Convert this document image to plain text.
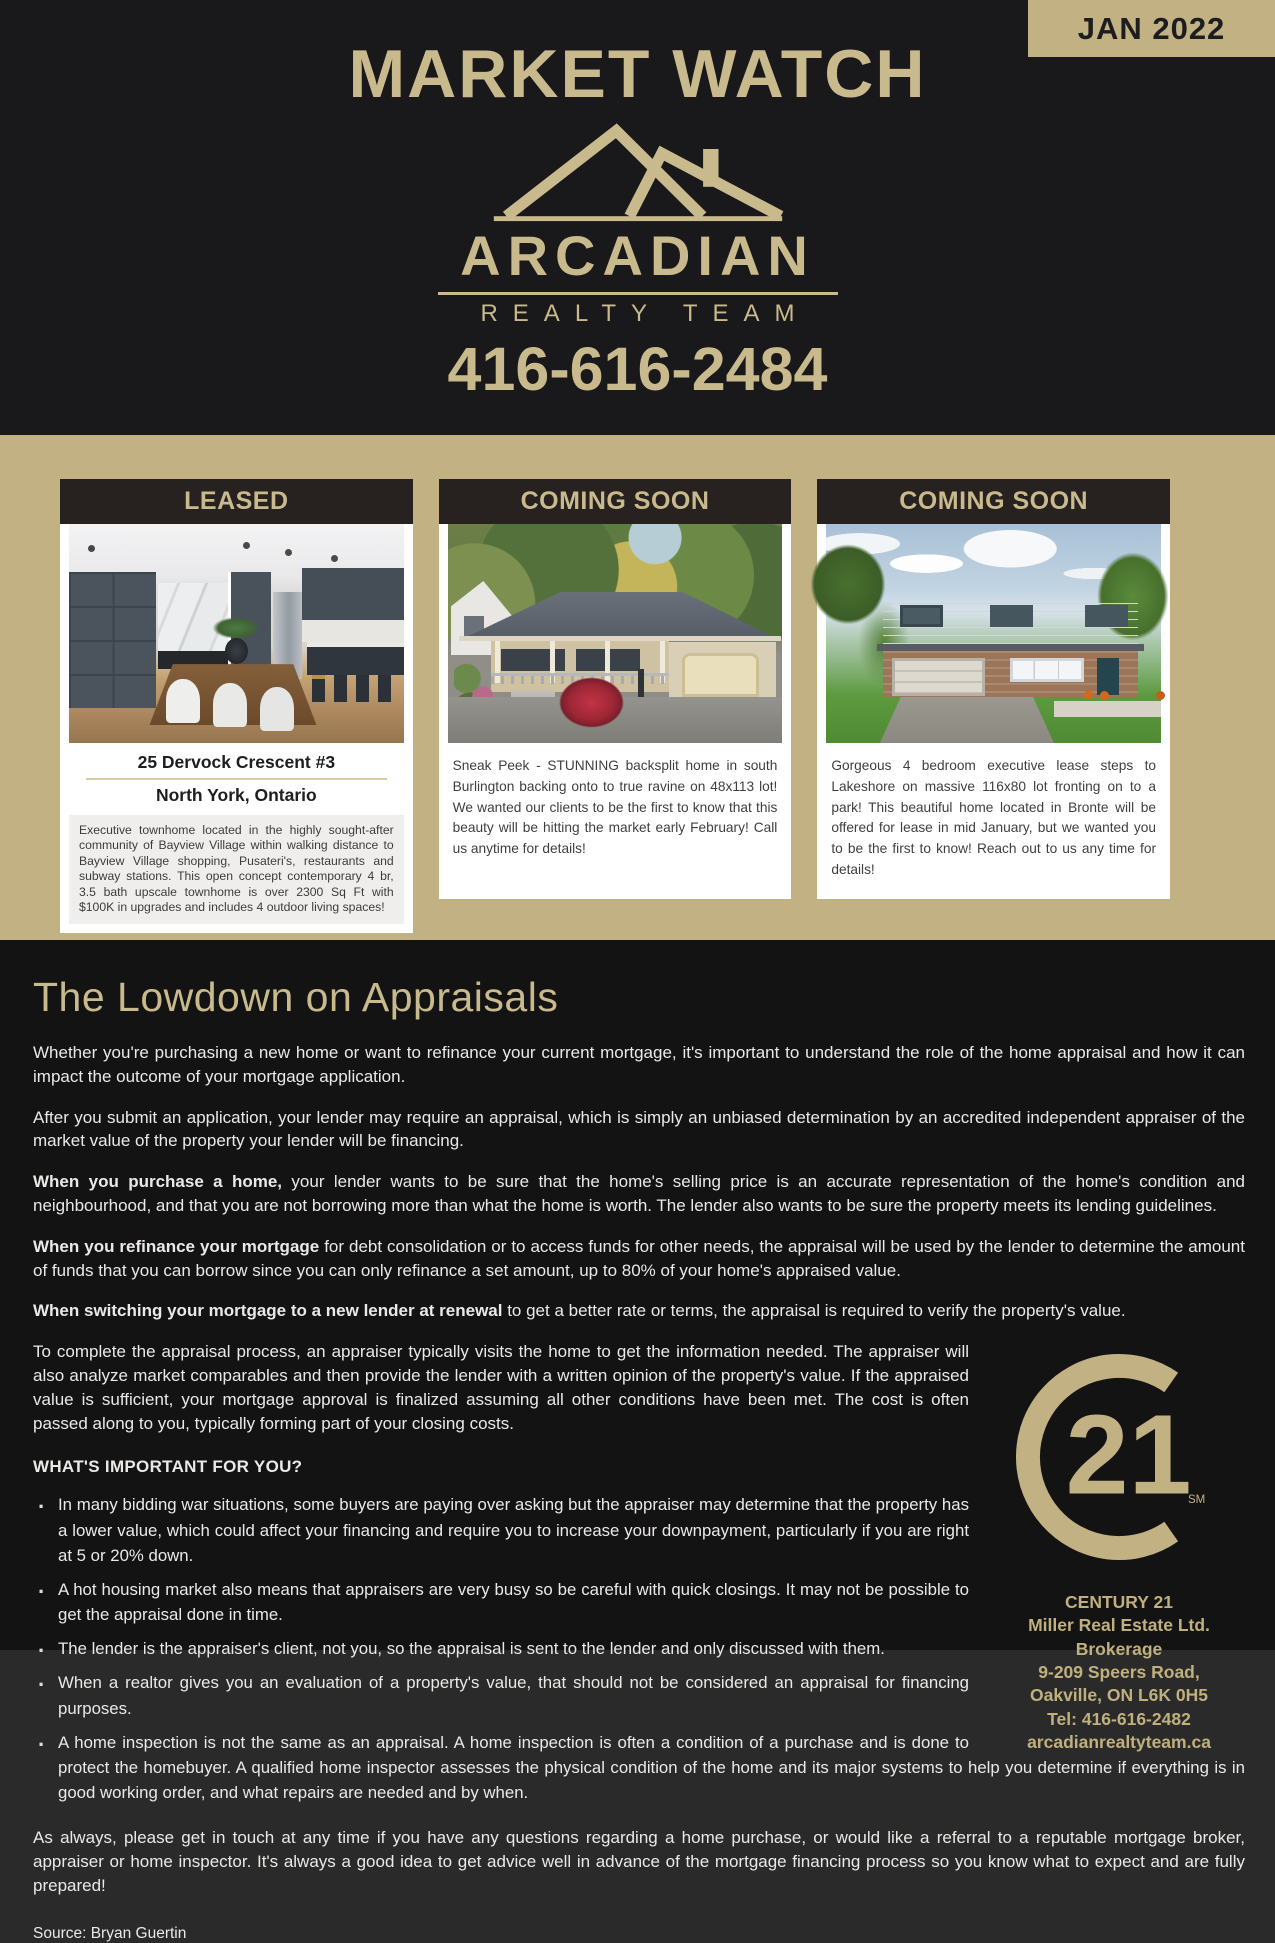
JAN 2022
MARKET WATCH
ARCADIAN
REALTY TEAM
416-616-2484
LEASED
25 Dervock Crescent #3
North York, Ontario
Executive townhome located in the highly sought-after community of Bayview Village within walking distance to Bayview Village shopping, Pusateri's, restaurants and subway stations. This open concept contemporary 4 br, 3.5 bath upscale townhome is over 2300 Sq Ft with $100K in upgrades and includes 4 outdoor living spaces!
COMING SOON
Sneak Peek - STUNNING backsplit home in south Burlington backing onto to true ravine on 48x113 lot! We wanted our clients to be the first to know that this beauty will be hitting the market early February! Call us anytime for details!
COMING SOON
Gorgeous 4 bedroom executive lease steps to Lakeshore on massive 116x80 lot fronting on to a park! This beautiful home located in Bronte will be offered for lease in mid January, but we wanted you to be the first to know! Reach out to us any time for details!
The Lowdown on Appraisals

Whether you're purchasing a new home or want to refinance your current mortgage, it's important to understand the role of the home appraisal and how it can impact the outcome of your mortgage application.

After you submit an application, your lender may require an appraisal, which is simply an unbiased determination by an accredited independent appraiser of the market value of the property your lender will be financing.

When you purchase a home, your lender wants to be sure that the home's selling price is an accurate representation of the home's condition and neighbourhood, and that you are not borrowing more than what the home is worth. The lender also wants to be sure the property meets its lending guidelines.

When you refinance your mortgage for debt consolidation or to access funds for other needs, the appraisal will be used by the lender to determine the amount of funds that you can borrow since you can only refinance a set amount, up to 80% of your home's appraised value.

When switching your mortgage to a new lender at renewal to get a better rate or terms, the appraisal is required to verify the property's value.

21
SM
CENTURY 21
Miller Real Estate Ltd.
Brokerage
9-209 Speers Road,
Oakville, ON L6K 0H5
Tel: 416-616-2482
arcadianrealtyteam.ca

To complete the appraisal process, an appraiser typically visits the home to get the information needed. The appraiser will also analyze market comparables and then provide the lender with a written opinion of the property's value. If the appraised value is sufficient, your mortgage approval is finalized assuming all other conditions have been met. The cost is often passed along to you, typically forming part of your closing costs.

WHAT'S IMPORTANT FOR YOU?
· In many bidding war situations, some buyers are paying over asking but the appraiser may determine that the property has a lower value, which could affect your financing and require you to increase your downpayment, particularly if you are right at 5 or 20% down.
· A hot housing market also means that appraisers are very busy so be careful with quick closings. It may not be possible to get the appraisal done in time.
· The lender is the appraiser's client, not you, so the appraisal is sent to the lender and only discussed with them.
· When a realtor gives you an evaluation of a property's value, that should not be considered an appraisal for financing purposes.
· A home inspection is not the same as an appraisal. A home inspection is often a condition of a purchase and is done to protect the homebuyer. A qualified home inspector assesses the physical condition of the home and its major systems to help you determine if everything is in good working order, and what repairs are needed and by when.

As always, please get in touch at any time if you have any questions regarding a home purchase, or would like a referral to a reputable mortgage broker, appraiser or home inspector. It's always a good idea to get advice well in advance of the mortgage financing process so you know what to expect and are fully prepared!

Source: Bryan Guertin
